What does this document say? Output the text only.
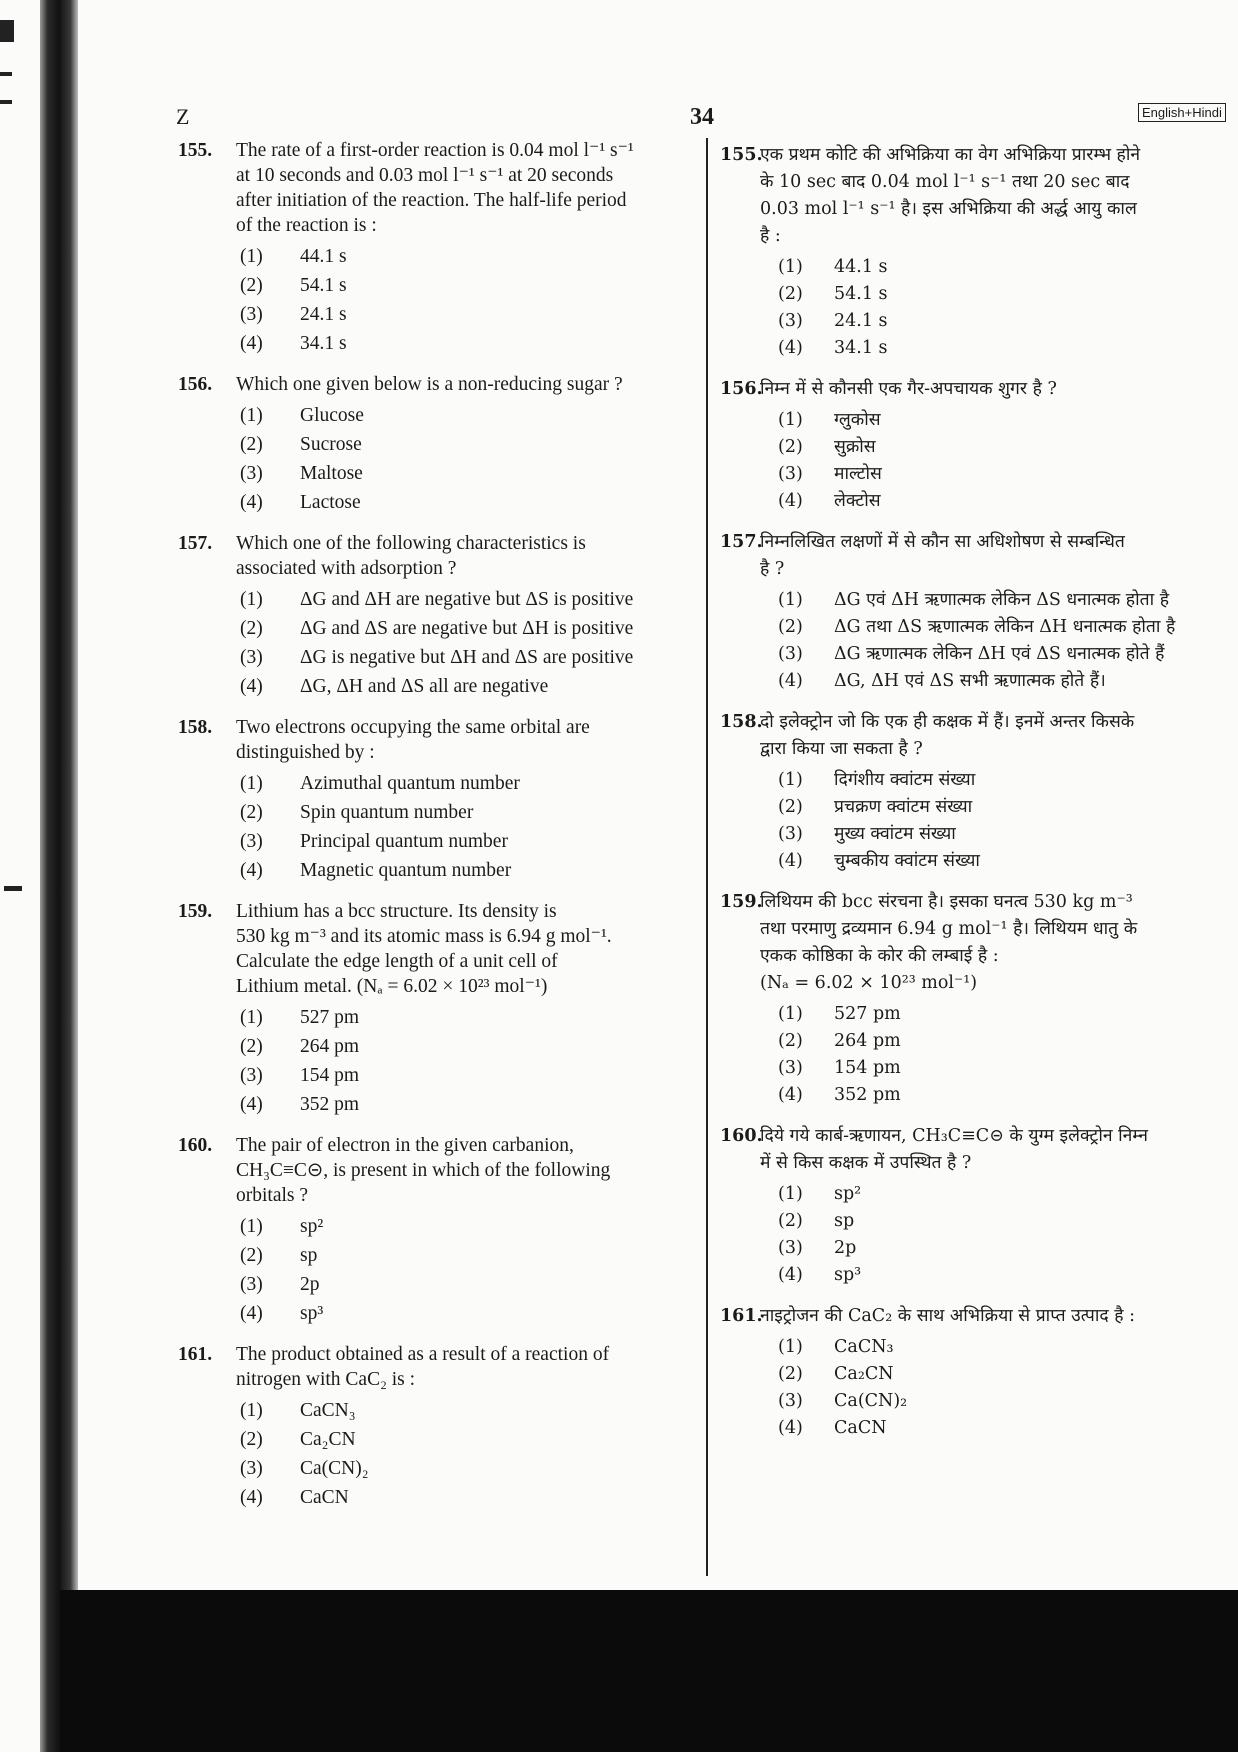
Z	34	English+Hindi
155. The rate of a first-order reaction is 0.04 mol l⁻¹ s⁻¹
at 10 seconds and 0.03 mol l⁻¹ s⁻¹ at 20 seconds
after initiation of the reaction. The half-life period
of the reaction is :
(1)	44.1 s
(2)	54.1 s
(3)	24.1 s
(4)	34.1 s
156. Which one given below is a non-reducing sugar ?
(1)	Glucose
(2)	Sucrose
(3)	Maltose
(4)	Lactose
157. Which one of the following characteristics is
associated with adsorption ?
(1)	ΔG and ΔH are negative but ΔS is positive
(2)	ΔG and ΔS are negative but ΔH is positive
(3)	ΔG is negative but ΔH and ΔS are positive
(4)	ΔG, ΔH and ΔS all are negative
158. Two electrons occupying the same orbital are
distinguished by :
(1)	Azimuthal quantum number
(2)	Spin quantum number
(3)	Principal quantum number
(4)	Magnetic quantum number
159. Lithium has a bcc structure. Its density is
530 kg m⁻³ and its atomic mass is 6.94 g mol⁻¹.
Calculate the edge length of a unit cell of
Lithium metal. (Nₐ = 6.02 × 10²³ mol⁻¹)
(1)	527 pm
(2)	264 pm
(3)	154 pm
(4)	352 pm
160. The pair of electron in the given carbanion,
CH₃C≡C⊝, is present in which of the following
orbitals ?
(1)	sp²
(2)	sp
(3)	2p
(4)	sp³
161. The product obtained as a result of a reaction of
nitrogen with CaC₂ is :
(1)	CaCN₃
(2)	Ca₂CN
(3)	Ca(CN)₂
(4)	CaCN
155.
एक प्रथम कोटि की अभिक्रिया का वेग अभिक्रिया प्रारम्भ होने
के 10 sec बाद 0.04 mol l⁻¹ s⁻¹ तथा 20 sec बाद
0.03 mol l⁻¹ s⁻¹ है। इस अभिक्रिया की अर्द्ध आयु काल
है :
(1)	44.1 s
(2)	54.1 s
(3)	24.1 s
(4)	34.1 s
156.
निम्न में से कौनसी एक गैर-अपचायक शुगर है ?
(1)	ग्लुकोस
(2)	सुक्रोस
(3)	माल्टोस
(4)	लेक्टोस
157.
निम्नलिखित लक्षणों में से कौन सा अधिशोषण से सम्बन्धित
है ?
(1)	ΔG एवं ΔH ऋणात्मक लेकिन ΔS धनात्मक होता है
(2)	ΔG तथा ΔS ऋणात्मक लेकिन ΔH धनात्मक होता है
(3)	ΔG ऋणात्मक लेकिन ΔH एवं ΔS धनात्मक होते हैं
(4)	ΔG, ΔH एवं ΔS सभी ऋणात्मक होते हैं।
158.
दो इलेक्ट्रोन जो कि एक ही कक्षक में हैं। इनमें अन्तर किसके
द्वारा किया जा सकता है ?
(1)	दिगंशीय क्वांटम संख्या
(2)	प्रचक्रण क्वांटम संख्या
(3)	मुख्य क्वांटम संख्या
(4)	चुम्बकीय क्वांटम संख्या
159.
लिथियम की bcc संरचना है। इसका घनत्व 530 kg m⁻³
तथा परमाणु द्रव्यमान 6.94 g mol⁻¹ है। लिथियम धातु के
एकक कोष्ठिका के कोर की लम्बाई है :
(Nₐ = 6.02 × 10²³ mol⁻¹)
(1)	527 pm
(2)	264 pm
(3)	154 pm
(4)	352 pm
160.
दिये गये कार्ब-ऋणायन, CH₃C≡C⊝ के युग्म इलेक्ट्रोन निम्न
में से किस कक्षक में उपस्थित है ?
(1)	sp²
(2)	sp
(3)	2p
(4)	sp³
161.
नाइट्रोजन की CaC₂ के साथ अभिक्रिया से प्राप्त उत्पाद है :
(1)	CaCN₃
(2)	Ca₂CN
(3)	Ca(CN)₂
(4)	CaCN
